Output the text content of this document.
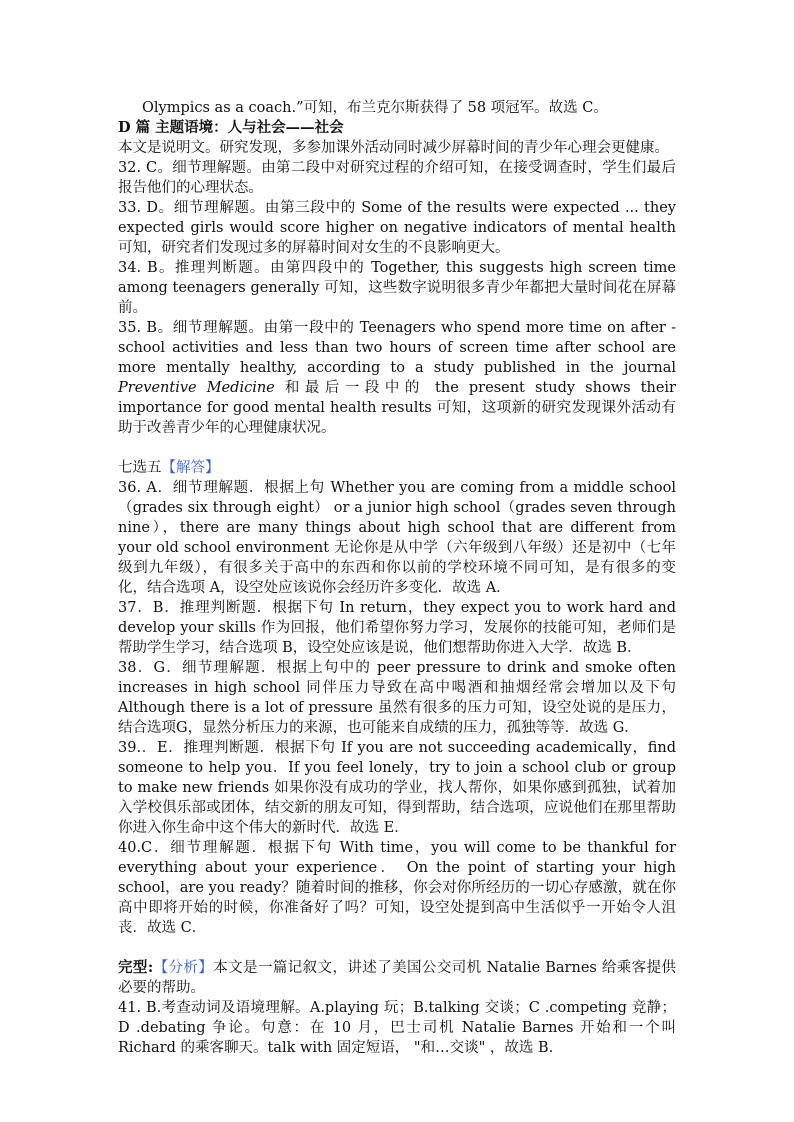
Olympics as a coach.”可知，布兰克尔斯获得了 58 项冠军。故选 C。

D 篇 主题语境：人与社会——社会

本文是说明文。研究发现，多参加课外活动同时减少屏幕时间的青少年心理会更健康。

32. C。细节理解题。由第二段中对研究过程的介绍可知，在接受调查时，学生们最后报告他们的心理状态。

33. D。细节理解题。由第三段中的 Some of the results were expected ... they expected girls would score higher on negative indicators of mental health 可知，研究者们发现过多的屏幕时间对女生的不良影响更大。

34. B。推理判断题。由第四段中的 Together, this suggests high screen time among teenagers generally 可知，这些数字说明很多青少年都把大量时间花在屏幕前。

35. B。细节理解题。由第一段中的 Teenagers who spend more time on after - school activities and less than two hours of screen time after school are more mentally healthy, according to a study published in the journal Preventive Medicine 和最后一段中的 the present study shows their importance for good mental health results 可知，这项新的研究发现课外活动有助于改善青少年的心理健康状况。

七选五【解答】

36. A．细节理解题．根据上句 Whether you are coming from a middle school（grades six through eight） or a junior high school（grades seven through nine），there are many things about high school that are different from your old school environment 无论你是从中学（六年级到八年级）还是初中（七年级到九年级），有很多关于高中的东西和你以前的学校环境不同可知，是有很多的变化，结合选项 A，设空处应该说你会经历许多变化．故选 A．

37．B．推理判断题．根据下句 In return，they expect you to work hard and develop your skills 作为回报，他们希望你努力学习，发展你的技能可知，老师们是帮助学生学习，结合选项 B，设空处应该是说，他们想帮助你进入大学．故选 B．

38．G．细节理解题．根据上句中的 peer pressure to drink and smoke often increases in high school 同伴压力导致在高中喝酒和抽烟经常会增加以及下句 Although there is a lot of pressure 虽然有很多的压力可知，设空处说的是压力，结合选项G，显然分析压力的来源，也可能来自成绩的压力，孤独等等．故选 G．

39.．E．推理判断题．根据下句 If you are not succeeding academically，find someone to help you．If you feel lonely，try to join a school club or group to make new friends 如果你没有成功的学业，找人帮你，如果你感到孤独，试着加入学校俱乐部或团体，结交新的朋友可知，得到帮助，结合选项，应说他们在那里帮助你进入你生命中这个伟大的新时代．故选 E．

40.C．细节理解题．根据下句 With time，you will come to be thankful for everything about your experience． On the point of starting your high school，are you ready？随着时间的推移，你会对你所经历的一切心存感激，就在你高中即将开始的时候，你准备好了吗？可知，设空处提到高中生活似乎一开始令人沮丧．故选 C．

完型:【分析】本文是一篇记叙文，讲述了美国公交司机 Natalie Barnes 给乘客提供必要的帮助。

41. B.考查动词及语境理解。A.playing 玩；B.talking 交谈；C .competing 竞静；D .debating 争论。句意：在 10 月，巴士司机 Natalie Barnes 开始和一个叫 Richard 的乘客聊天。talk with 固定短语， "和…交谈" ，故选 B.
